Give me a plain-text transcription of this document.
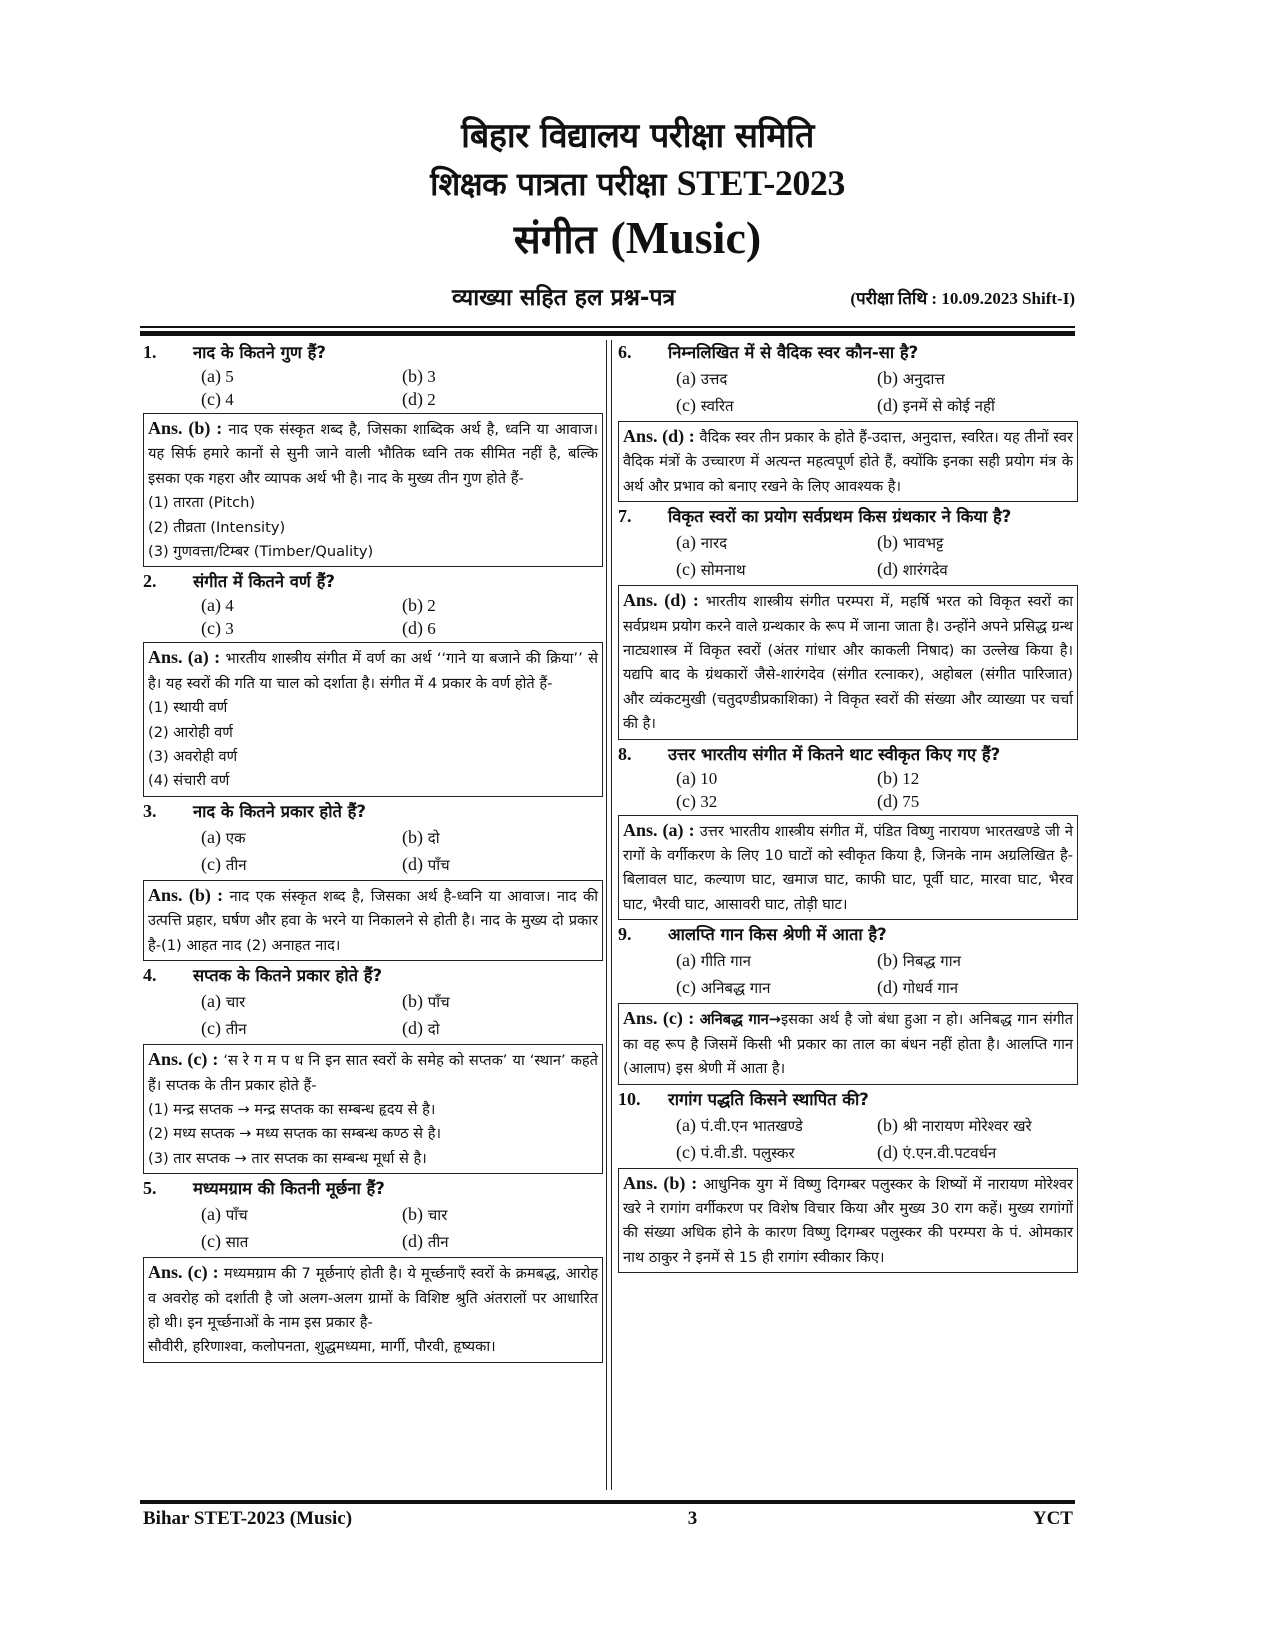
बिहार विद्यालय परीक्षा समिति
शिक्षक पात्रता परीक्षा STET-2023
संगीत (Music)
व्याख्या सहित हल प्रश्न-पत्र	(परीक्षा तिथि : 10.09.2023 Shift-I)
1.	नाद के कितने गुण हैं?
(a) 5	(b) 3
(c) 4	(d) 2
Ans. (b) : नाद एक संस्कृत शब्द है, जिसका शाब्दिक अर्थ है, ध्वनि या आवाज। यह सिर्फ हमारे कानों से सुनी जाने वाली भौतिक ध्वनि तक सीमित नहीं है, बल्कि इसका एक गहरा और व्यापक अर्थ भी है। नाद के मुख्य तीन गुण होते हैं-
(1) तारता (Pitch)
(2) तीव्रता (Intensity)
(3) गुणवत्ता/टिम्बर (Timber/Quality)
2.	संगीत में कितने वर्ण हैं?
(a) 4	(b) 2
(c) 3	(d) 6
Ans. (a) : भारतीय शास्त्रीय संगीत में वर्ण का अर्थ ‘‘गाने या बजाने की क्रिया’’ से है। यह स्वरों की गति या चाल को दर्शाता है। संगीत में 4 प्रकार के वर्ण होते हैं-
(1) स्थायी वर्ण
(2) आरोही वर्ण
(3) अवरोही वर्ण
(4) संचारी वर्ण
3.	नाद के कितने प्रकार होते हैं?
(a) एक	(b) दो
(c) तीन	(d) पाँच
Ans. (b) : नाद एक संस्कृत शब्द है, जिसका अर्थ है-ध्वनि या आवाज। नाद की उत्पत्ति प्रहार, घर्षण और हवा के भरने या निकालने से होती है। नाद के मुख्य दो प्रकार है-(1) आहत नाद (2) अनाहत नाद।
4.	सप्तक के कितने प्रकार होते हैं?
(a) चार	(b) पाँच
(c) तीन	(d) दो
Ans. (c) : ‘स रे ग म प ध नि इन सात स्वरों के समेह को सप्तक’ या ‘स्थान’ कहते हैं। सप्तक के तीन प्रकार होते हैं-
(1) मन्द्र सप्तक → मन्द्र सप्तक का सम्बन्ध हृदय से है।
(2) मध्य सप्तक → मध्य सप्तक का सम्बन्ध कण्ठ से है।
(3) तार सप्तक → तार सप्तक का सम्बन्ध मूर्धा से है।
5.	मध्यमग्राम की कितनी मूर्छना हैं?
(a) पाँच	(b) चार
(c) सात	(d) तीन
Ans. (c) : मध्यमग्राम की 7 मूर्छनाएं होती है। ये मूर्च्छनाएँ स्वरों के क्रमबद्ध, आरोह व अवरोह को दर्शाती है जो अलग-अलग ग्रामों के विशिष्ट श्रुति अंतरालों पर आधारित हो थी। इन मूर्च्छनाओं के नाम इस प्रकार है-
सौवीरी, हरिणाश्वा, कलोपनता, शुद्धमध्यमा, मार्गी, पौरवी, हृष्यका।
6.	निम्नलिखित में से वैदिक स्वर कौन-सा है?
(a) उत्तद	(b) अनुदात्त
(c) स्वरित	(d) इनमें से कोई नहीं
Ans. (d) : वैदिक स्वर तीन प्रकार के होते हैं-उदात्त, अनुदात्त, स्वरित। यह तीनों स्वर वैदिक मंत्रों के उच्चारण में अत्यन्त महत्वपूर्ण होते हैं, क्योंकि इनका सही प्रयोग मंत्र के अर्थ और प्रभाव को बनाए रखने के लिए आवश्यक है।
7.	विकृत स्वरों का प्रयोग सर्वप्रथम किस ग्रंथकार ने किया है?
(a) नारद	(b) भावभट्ट
(c) सोमनाथ	(d) शारंगदेव
Ans. (d) : भारतीय शास्त्रीय संगीत परम्परा में, महर्षि भरत को विकृत स्वरों का सर्वप्रथम प्रयोग करने वाले ग्रन्थकार के रूप में जाना जाता है। उन्होंने अपने प्रसिद्ध ग्रन्थ नाट्यशास्त्र में विकृत स्वरों (अंतर गांधार और काकली निषाद) का उल्लेख किया है। यद्यपि बाद के ग्रंथकारों जैसे-शारंगदेव (संगीत रत्नाकर), अहोबल (संगीत पारिजात) और व्यंकटमुखी (चतुदण्डीप्रकाशिका) ने विकृत स्वरों की संख्या और व्याख्या पर चर्चा की है।
8.	उत्तर भारतीय संगीत में कितने थाट स्वीकृत किए गए हैं?
(a) 10	(b) 12
(c) 32	(d) 75
Ans. (a) : उत्तर भारतीय शास्त्रीय संगीत में, पंडित विष्णु नारायण भारतखण्डे जी ने रागों के वर्गीकरण के लिए 10 घाटों को स्वीकृत किया है, जिनके नाम अग्रलिखित है- बिलावल घाट, कल्याण घाट, खमाज घाट, काफी घाट, पूर्वी घाट, मारवा घाट, भैरव घाट, भैरवी घाट, आसावरी घाट, तोड़ी घाट।
9.	आलप्ति गान किस श्रेणी में आता है?
(a) गीति गान	(b) निबद्ध गान
(c) अनिबद्ध गान	(d) गोधर्व गान
Ans. (c) : अनिबद्ध गान→इसका अर्थ है जो बंधा हुआ न हो। अनिबद्ध गान संगीत का वह रूप है जिसमें किसी भी प्रकार का ताल का बंधन नहीं होता है। आलप्ति गान (आलाप) इस श्रेणी में आता है।
10.	रागांग पद्धति किसने स्थापित की?
(a) पं.वी.एन भातखण्डे	(b) श्री नारायण मोरेश्वर खरे
(c) पं.वी.डी. पलुस्कर	(d) एं.एन.वी.पटवर्धन
Ans. (b) : आधुनिक युग में विष्णु दिगम्बर पलुस्कर के शिष्यों में नारायण मोरेश्वर खरे ने रागांग वर्गीकरण पर विशेष विचार किया और मुख्य 30 राग कहें। मुख्य रागांगों की संख्या अधिक होने के कारण विष्णु दिगम्बर पलुस्कर की परम्परा के पं. ओमकार नाथ ठाकुर ने इनमें से 15 ही रागांग स्वीकार किए।
Bihar STET-2023 (Music)	3	YCT
